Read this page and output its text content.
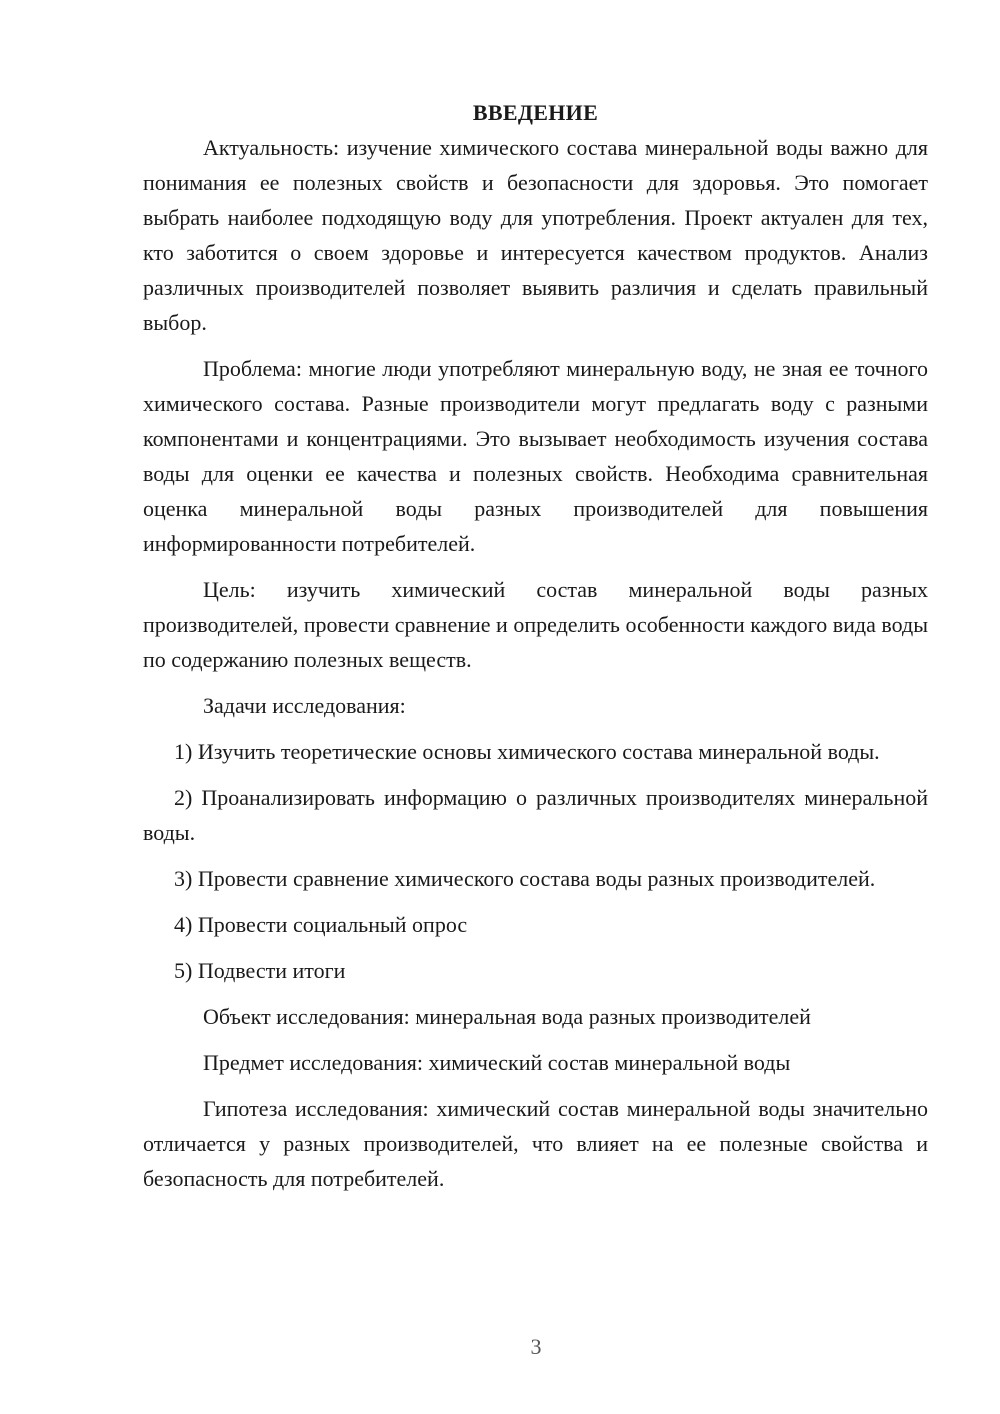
ВВЕДЕНИЕ

Актуальность: изучение химического состава минеральной воды важно для понимания ее полезных свойств и безопасности для здоровья. Это помогает выбрать наиболее подходящую воду для употребления. Проект актуален для тех, кто заботится о своем здоровье и интересуется качеством продуктов. Анализ различных производителей позволяет выявить различия и сделать правильный выбор.

Проблема: многие люди употребляют минеральную воду, не зная ее точного химического состава. Разные производители могут предлагать воду с разными компонентами и концентрациями. Это вызывает необходимость изучения состава воды для оценки ее качества и полезных свойств. Необходима сравнительная оценка минеральной воды разных производителей для повышения информированности потребителей.

Цель: изучить химический состав минеральной воды разных производителей, провести сравнение и определить особенности каждого вида воды по содержанию полезных веществ.

Задачи исследования:

1) Изучить теоретические основы химического состава минеральной воды.

2) Проанализировать информацию о различных производителях минеральной воды.

3) Провести сравнение химического состава воды разных производителей.

4) Провести социальный опрос

5) Подвести итоги

Объект исследования: минеральная вода разных производителей

Предмет исследования: химический состав минеральной воды

Гипотеза исследования: химический состав минеральной воды значительно отличается у разных производителей, что влияет на ее полезные свойства и безопасность для потребителей.

3
